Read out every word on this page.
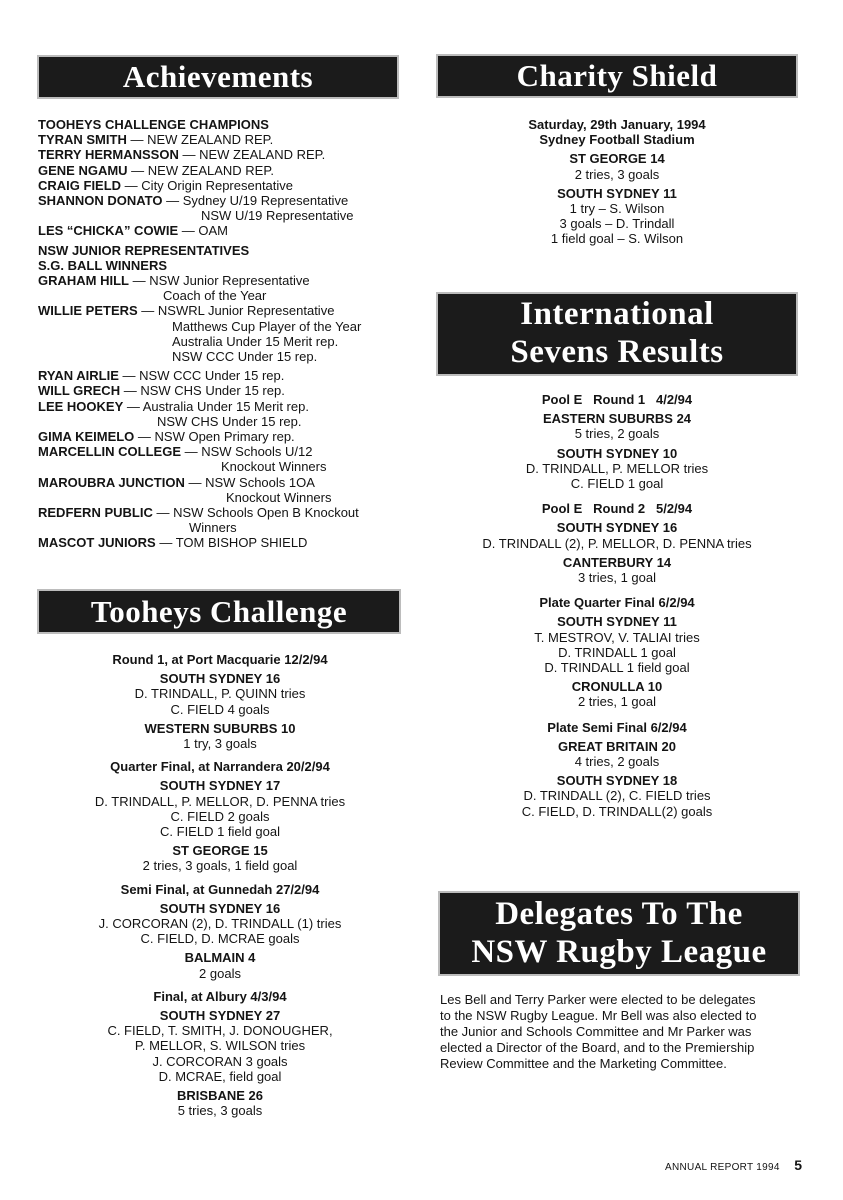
Achievements	Charity Shield
International
Sevens Results
Tooheys Challenge
Delegates To The
NSW Rugby League
TOOHEYS CHALLENGE CHAMPIONS
TYRAN SMITH — NEW ZEALAND REP.
TERRY HERMANSSON — NEW ZEALAND REP.
GENE NGAMU — NEW ZEALAND REP.
CRAIG FIELD — City Origin Representative
SHANNON DONATO — Sydney U/19 Representative
NSW U/19 Representative
LES “CHICKA” COWIE — OAM
NSW JUNIOR REPRESENTATIVES
S.G. BALL WINNERS
GRAHAM HILL — NSW Junior Representative
Coach of the Year
WILLIE PETERS — NSWRL Junior Representative
Matthews Cup Player of the Year
Australia Under 15 Merit rep.
NSW CCC Under 15 rep.
RYAN AIRLIE — NSW CCC Under 15 rep.
WILL GRECH — NSW CHS Under 15 rep.
LEE HOOKEY — Australia Under 15 Merit rep.
NSW CHS Under 15 rep.
GIMA KEIMELO — NSW Open Primary rep.
MARCELLIN COLLEGE — NSW Schools U/12
Knockout Winners
MAROUBRA JUNCTION — NSW Schools 1OA
Knockout Winners
REDFERN PUBLIC — NSW Schools Open B Knockout
Winners
MASCOT JUNIORS — TOM BISHOP SHIELD
Round 1, at Port Macquarie 12/2/94
SOUTH SYDNEY 16
D. TRINDALL, P. QUINN tries
C. FIELD 4 goals
WESTERN SUBURBS 10
1 try, 3 goals
Quarter Final, at Narrandera 20/2/94
SOUTH SYDNEY 17
D. TRINDALL, P. MELLOR, D. PENNA tries
C. FIELD 2 goals
C. FIELD 1 field goal
ST GEORGE 15
2 tries, 3 goals, 1 field goal
Semi Final, at Gunnedah 27/2/94
SOUTH SYDNEY 16
J. CORCORAN (2), D. TRINDALL (1) tries
C. FIELD, D. MCRAE goals
BALMAIN 4
2 goals
Final, at Albury 4/3/94
SOUTH SYDNEY 27
C. FIELD, T. SMITH, J. DONOUGHER,
P. MELLOR, S. WILSON tries
J. CORCORAN 3 goals
D. MCRAE, field goal
BRISBANE 26
5 tries, 3 goals
Saturday, 29th January, 1994
Sydney Football Stadium
ST GEORGE 14
2 tries, 3 goals
SOUTH SYDNEY 11
1 try – S. Wilson
3 goals – D. Trindall
1 field goal – S. Wilson
Pool E   Round 1   4/2/94
EASTERN SUBURBS 24
5 tries, 2 goals
SOUTH SYDNEY 10
D. TRINDALL, P. MELLOR tries
C. FIELD 1 goal
Pool E   Round 2   5/2/94
SOUTH SYDNEY 16
D. TRINDALL (2), P. MELLOR, D. PENNA tries
CANTERBURY 14
3 tries, 1 goal
Plate Quarter Final 6/2/94
SOUTH SYDNEY 11
T. MESTROV, V. TALIAI tries
D. TRINDALL 1 goal
D. TRINDALL 1 field goal
CRONULLA 10
2 tries, 1 goal
Plate Semi Final 6/2/94
GREAT BRITAIN 20
4 tries, 2 goals
SOUTH SYDNEY 18
D. TRINDALL (2), C. FIELD tries
C. FIELD, D. TRINDALL(2) goals
Les Bell and Terry Parker were elected to be delegates
to the NSW Rugby League. Mr Bell was also elected to
the Junior and Schools Committee and Mr Parker was
elected a Director of the Board, and to the Premiership
Review Committee and the Marketing Committee.
ANNUAL REPORT 1994 5
